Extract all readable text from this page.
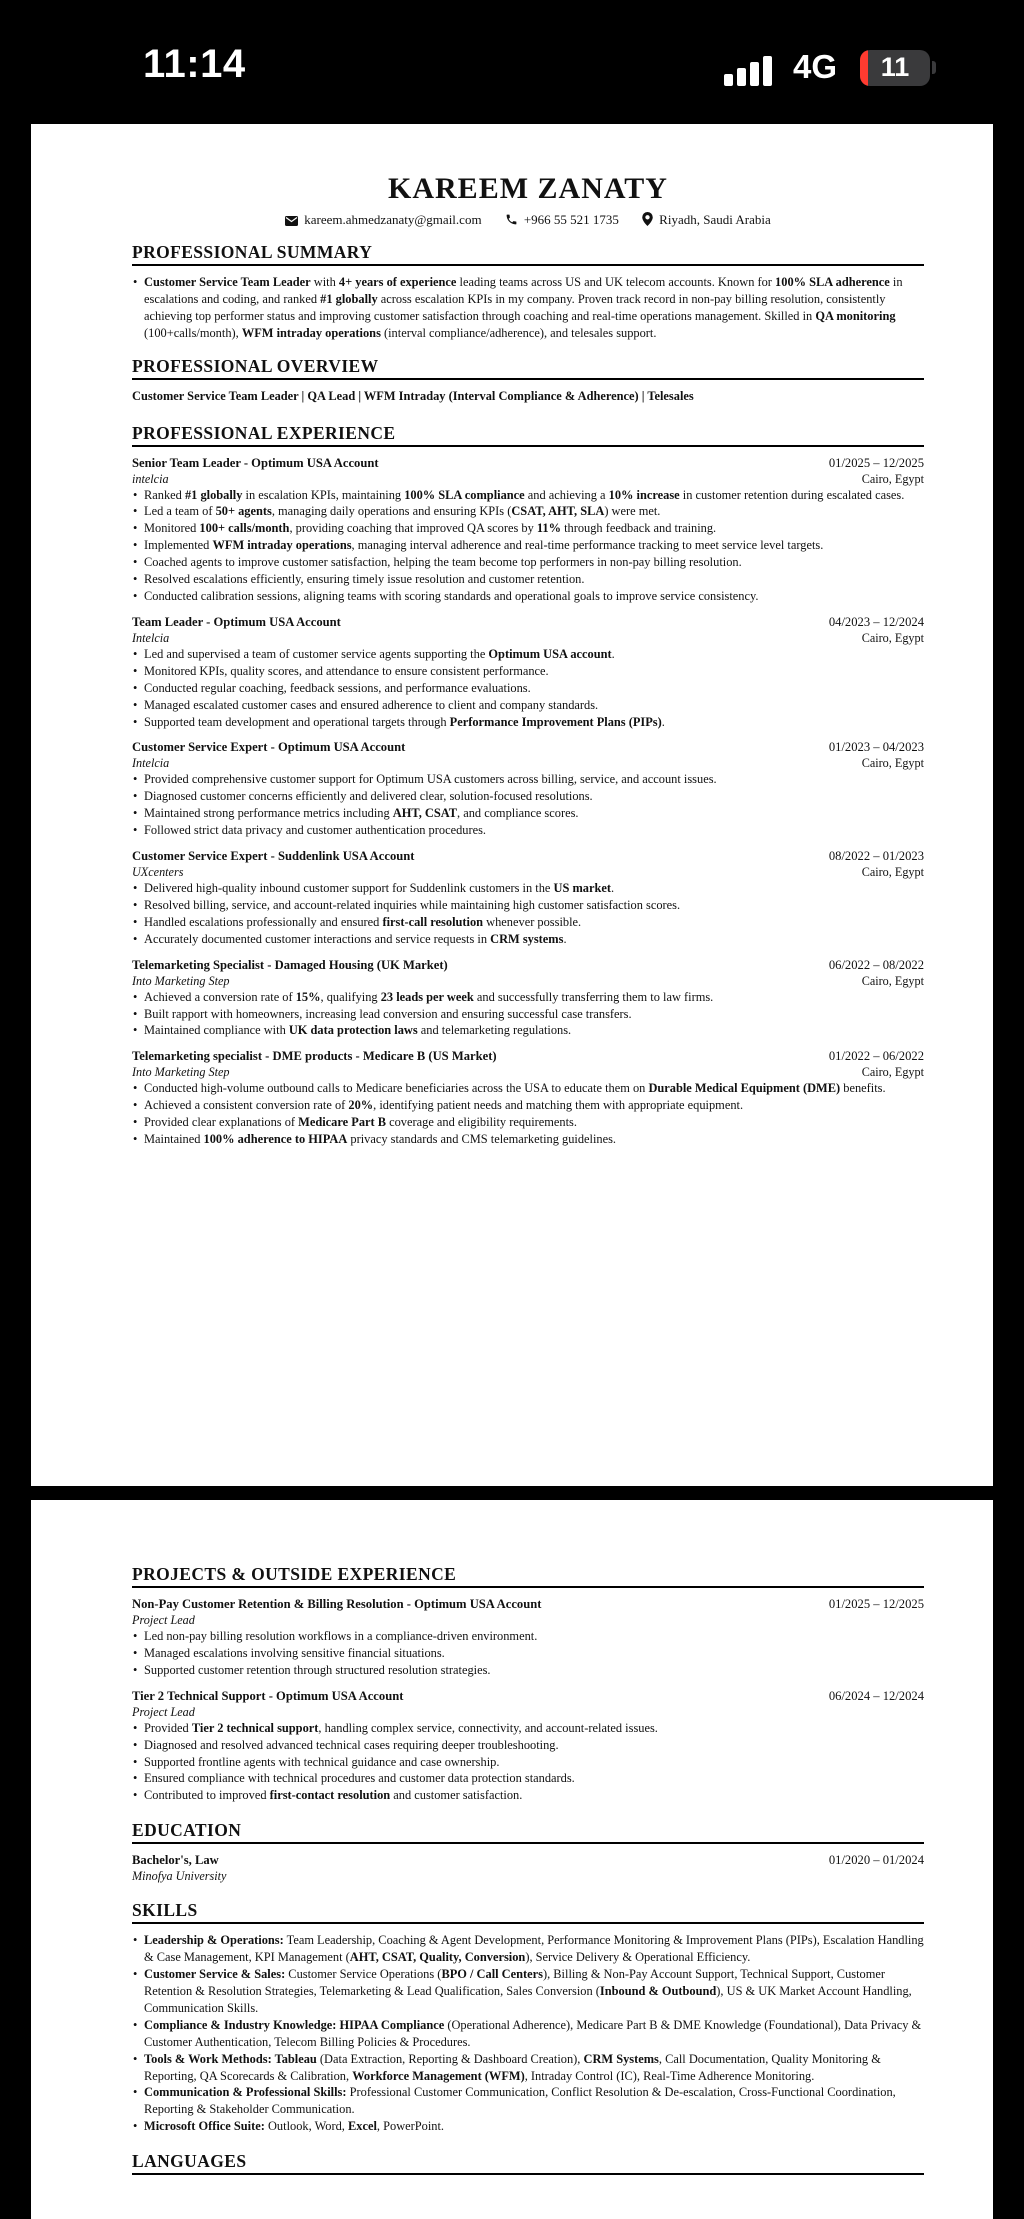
11:14	4G	11
KAREEM ZANATY
kareem.ahmedzanaty@gmail.com	+966 55 521 1735	Riyadh, Saudi Arabia
PROFESSIONAL SUMMARY
• Customer Service Team Leader with 4+ years of experience leading teams across US and UK telecom accounts. Known for 100% SLA adherence in escalations and coding, and ranked #1 globally across escalation KPIs in my company. Proven track record in non-pay billing resolution, consistently achieving top performer status and improving customer satisfaction through coaching and real-time operations management. Skilled in QA monitoring (100+calls/month), WFM intraday operations (interval compliance/adherence), and telesales support.
PROFESSIONAL OVERVIEW
Customer Service Team Leader | QA Lead | WFM Intraday (Interval Compliance & Adherence) | Telesales
PROFESSIONAL EXPERIENCE
Senior Team Leader - Optimum USA Account	01/2025 – 12/2025
intelcia	Cairo, Egypt
• Ranked #1 globally in escalation KPIs, maintaining 100% SLA compliance and achieving a 10% increase in customer retention during escalated cases.
• Led a team of 50+ agents, managing daily operations and ensuring KPIs (CSAT, AHT, SLA) were met.
• Monitored 100+ calls/month, providing coaching that improved QA scores by 11% through feedback and training.
• Implemented WFM intraday operations, managing interval adherence and real-time performance tracking to meet service level targets.
• Coached agents to improve customer satisfaction, helping the team become top performers in non-pay billing resolution.
• Resolved escalations efficiently, ensuring timely issue resolution and customer retention.
• Conducted calibration sessions, aligning teams with scoring standards and operational goals to improve service consistency.
Team Leader - Optimum USA Account	04/2023 – 12/2024
Intelcia	Cairo, Egypt
• Led and supervised a team of customer service agents supporting the Optimum USA account.
• Monitored KPIs, quality scores, and attendance to ensure consistent performance.
• Conducted regular coaching, feedback sessions, and performance evaluations.
• Managed escalated customer cases and ensured adherence to client and company standards.
• Supported team development and operational targets through Performance Improvement Plans (PIPs).
Customer Service Expert - Optimum USA Account	01/2023 – 04/2023
Intelcia	Cairo, Egypt
• Provided comprehensive customer support for Optimum USA customers across billing, service, and account issues.
• Diagnosed customer concerns efficiently and delivered clear, solution-focused resolutions.
• Maintained strong performance metrics including AHT, CSAT, and compliance scores.
• Followed strict data privacy and customer authentication procedures.
Customer Service Expert - Suddenlink USA Account	08/2022 – 01/2023
UXcenters	Cairo, Egypt
• Delivered high-quality inbound customer support for Suddenlink customers in the US market.
• Resolved billing, service, and account-related inquiries while maintaining high customer satisfaction scores.
• Handled escalations professionally and ensured first-call resolution whenever possible.
• Accurately documented customer interactions and service requests in CRM systems.
Telemarketing Specialist - Damaged Housing (UK Market)	06/2022 – 08/2022
Into Marketing Step	Cairo, Egypt
• Achieved a conversion rate of 15%, qualifying 23 leads per week and successfully transferring them to law firms.
• Built rapport with homeowners, increasing lead conversion and ensuring successful case transfers.
• Maintained compliance with UK data protection laws and telemarketing regulations.
Telemarketing specialist - DME products - Medicare B (US Market)	01/2022 – 06/2022
Into Marketing Step	Cairo, Egypt
• Conducted high-volume outbound calls to Medicare beneficiaries across the USA to educate them on Durable Medical Equipment (DME) benefits.
• Achieved a consistent conversion rate of 20%, identifying patient needs and matching them with appropriate equipment.
• Provided clear explanations of Medicare Part B coverage and eligibility requirements.
• Maintained 100% adherence to HIPAA privacy standards and CMS telemarketing guidelines.
PROJECTS & OUTSIDE EXPERIENCE
Non-Pay Customer Retention & Billing Resolution - Optimum USA Account	01/2025 – 12/2025
Project Lead
• Led non-pay billing resolution workflows in a compliance-driven environment.
• Managed escalations involving sensitive financial situations.
• Supported customer retention through structured resolution strategies.
Tier 2 Technical Support - Optimum USA Account	06/2024 – 12/2024
Project Lead
• Provided Tier 2 technical support, handling complex service, connectivity, and account-related issues.
• Diagnosed and resolved advanced technical cases requiring deeper troubleshooting.
• Supported frontline agents with technical guidance and case ownership.
• Ensured compliance with technical procedures and customer data protection standards.
• Contributed to improved first-contact resolution and customer satisfaction.
EDUCATION
Bachelor's, Law	01/2020 – 01/2024
Minofya University
SKILLS
• Leadership & Operations: Team Leadership, Coaching & Agent Development, Performance Monitoring & Improvement Plans (PIPs), Escalation Handling & Case Management, KPI Management (AHT, CSAT, Quality, Conversion), Service Delivery & Operational Efficiency.
• Customer Service & Sales: Customer Service Operations (BPO / Call Centers), Billing & Non-Pay Account Support, Technical Support, Customer Retention & Resolution Strategies, Telemarketing & Lead Qualification, Sales Conversion (Inbound & Outbound), US & UK Market Account Handling, Communication Skills.
• Compliance & Industry Knowledge: HIPAA Compliance (Operational Adherence), Medicare Part B & DME Knowledge (Foundational), Data Privacy & Customer Authentication, Telecom Billing Policies & Procedures.
• Tools & Work Methods: Tableau (Data Extraction, Reporting & Dashboard Creation), CRM Systems, Call Documentation, Quality Monitoring & Reporting, QA Scorecards & Calibration, Workforce Management (WFM), Intraday Control (IC), Real-Time Adherence Monitoring.
• Communication & Professional Skills: Professional Customer Communication, Conflict Resolution & De-escalation, Cross-Functional Coordination, Reporting & Stakeholder Communication.
• Microsoft Office Suite: Outlook, Word, Excel, PowerPoint.
LANGUAGES
